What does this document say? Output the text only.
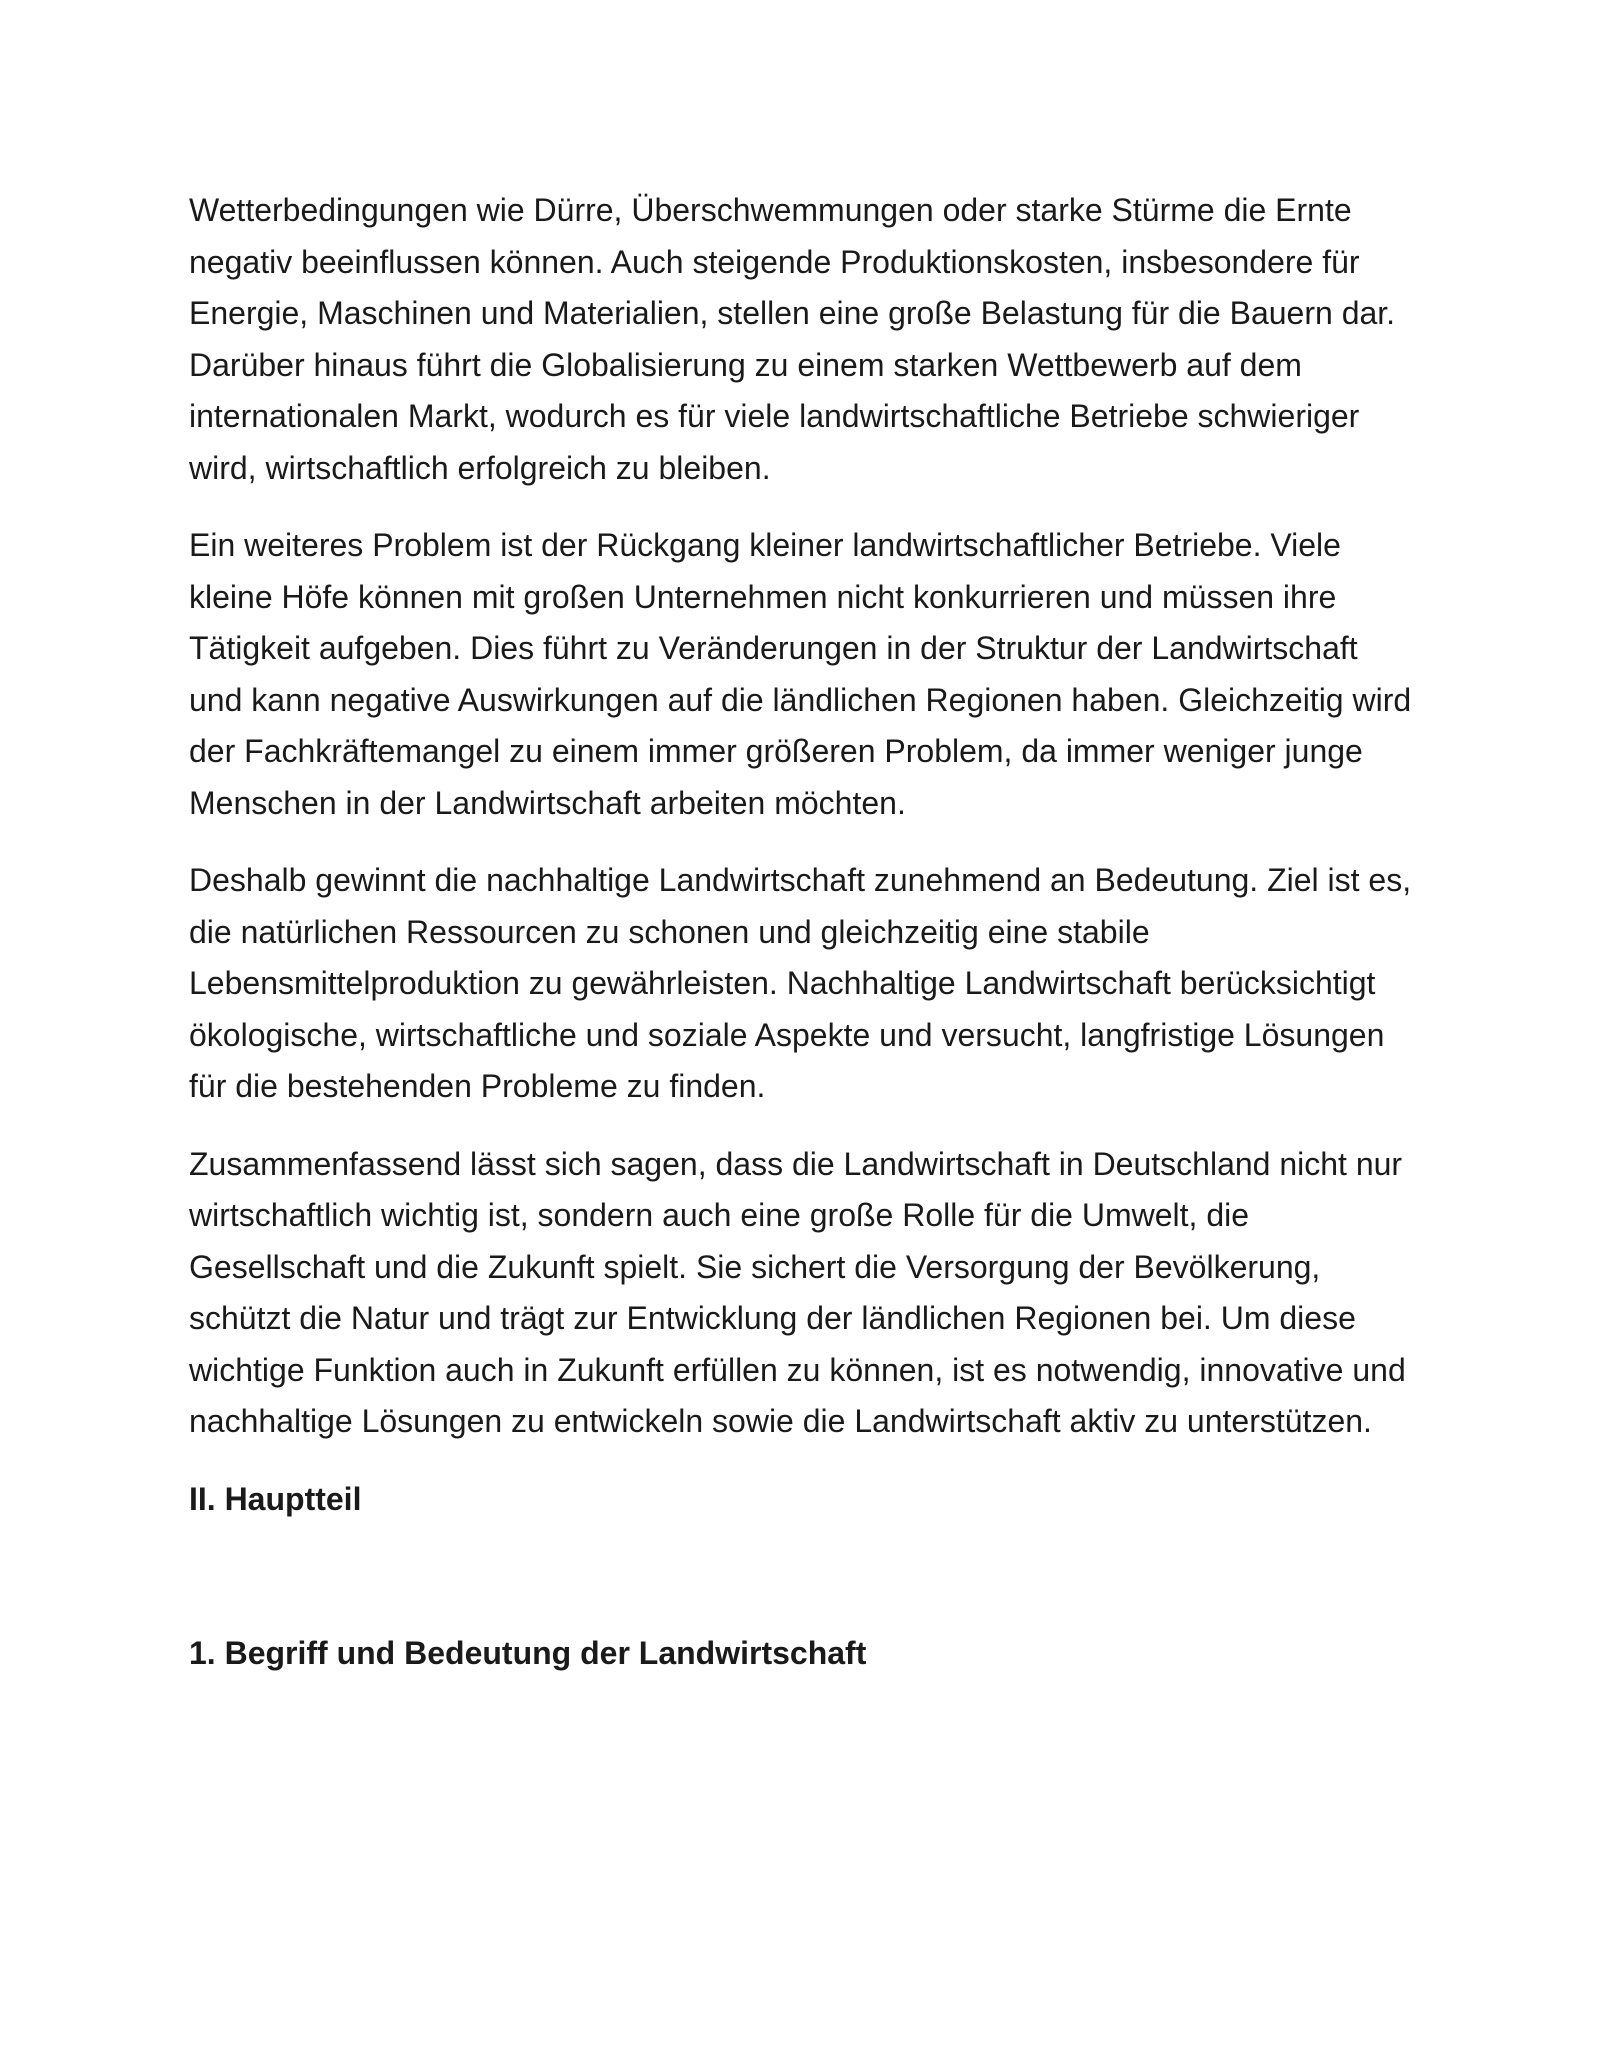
Wetterbedingungen wie Dürre, Überschwemmungen oder starke Stürme die Ernte negativ beeinflussen können. Auch steigende Produktionskosten, insbesondere für Energie, Maschinen und Materialien, stellen eine große Belastung für die Bauern dar. Darüber hinaus führt die Globalisierung zu einem starken Wettbewerb auf dem internationalen Markt, wodurch es für viele landwirtschaftliche Betriebe schwieriger wird, wirtschaftlich erfolgreich zu bleiben.

Ein weiteres Problem ist der Rückgang kleiner landwirtschaftlicher Betriebe. Viele kleine Höfe können mit großen Unternehmen nicht konkurrieren und müssen ihre Tätigkeit aufgeben. Dies führt zu Veränderungen in der Struktur der Landwirtschaft und kann negative Auswirkungen auf die ländlichen Regionen haben. Gleichzeitig wird der Fachkräftemangel zu einem immer größeren Problem, da immer weniger junge Menschen in der Landwirtschaft arbeiten möchten.

Deshalb gewinnt die nachhaltige Landwirtschaft zunehmend an Bedeutung. Ziel ist es, die natürlichen Ressourcen zu schonen und gleichzeitig eine stabile Lebensmittelproduktion zu gewährleisten. Nachhaltige Landwirtschaft berücksichtigt ökologische, wirtschaftliche und soziale Aspekte und versucht, langfristige Lösungen für die bestehenden Probleme zu finden.

Zusammenfassend lässt sich sagen, dass die Landwirtschaft in Deutschland nicht nur wirtschaftlich wichtig ist, sondern auch eine große Rolle für die Umwelt, die Gesellschaft und die Zukunft spielt. Sie sichert die Versorgung der Bevölkerung, schützt die Natur und trägt zur Entwicklung der ländlichen Regionen bei. Um diese wichtige Funktion auch in Zukunft erfüllen zu können, ist es notwendig, innovative und nachhaltige Lösungen zu entwickeln sowie die Landwirtschaft aktiv zu unterstützen.

II. Hauptteil
1. Begriff und Bedeutung der Landwirtschaft
